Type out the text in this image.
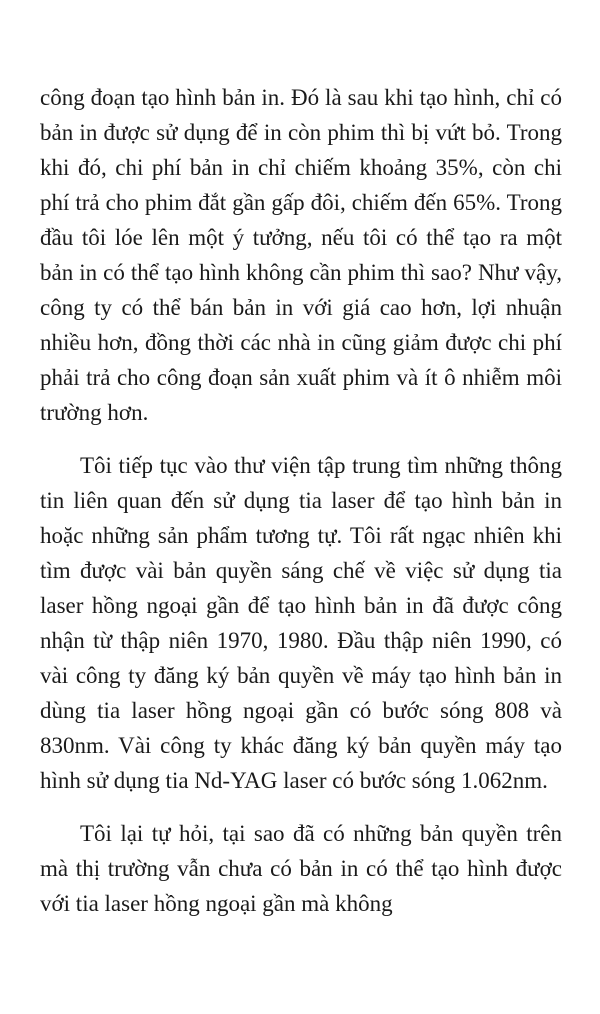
công đoạn tạo hình bản in. Đó là sau khi tạo hình, chỉ có bản in được sử dụng để in còn phim thì bị vứt bỏ. Trong khi đó, chi phí bản in chỉ chiếm khoảng 35%, còn chi phí trả cho phim đắt gần gấp đôi, chiếm đến 65%. Trong đầu tôi lóe lên một ý tưởng, nếu tôi có thể tạo ra một bản in có thể tạo hình không cần phim thì sao? Như vậy, công ty có thể bán bản in với giá cao hơn, lợi nhuận nhiều hơn, đồng thời các nhà in cũng giảm được chi phí phải trả cho công đoạn sản xuất phim và ít ô nhiễm môi trường hơn.

Tôi tiếp tục vào thư viện tập trung tìm những thông tin liên quan đến sử dụng tia laser để tạo hình bản in hoặc những sản phẩm tương tự. Tôi rất ngạc nhiên khi tìm được vài bản quyền sáng chế về việc sử dụng tia laser hồng ngoại gần để tạo hình bản in đã được công nhận từ thập niên 1970, 1980. Đầu thập niên 1990, có vài công ty đăng ký bản quyền về máy tạo hình bản in dùng tia laser hồng ngoại gần có bước sóng 808 và 830nm. Vài công ty khác đăng ký bản quyền máy tạo hình sử dụng tia Nd-YAG laser có bước sóng 1.062nm.

Tôi lại tự hỏi, tại sao đã có những bản quyền trên mà thị trường vẫn chưa có bản in có thể tạo hình được với tia laser hồng ngoại gần mà không
